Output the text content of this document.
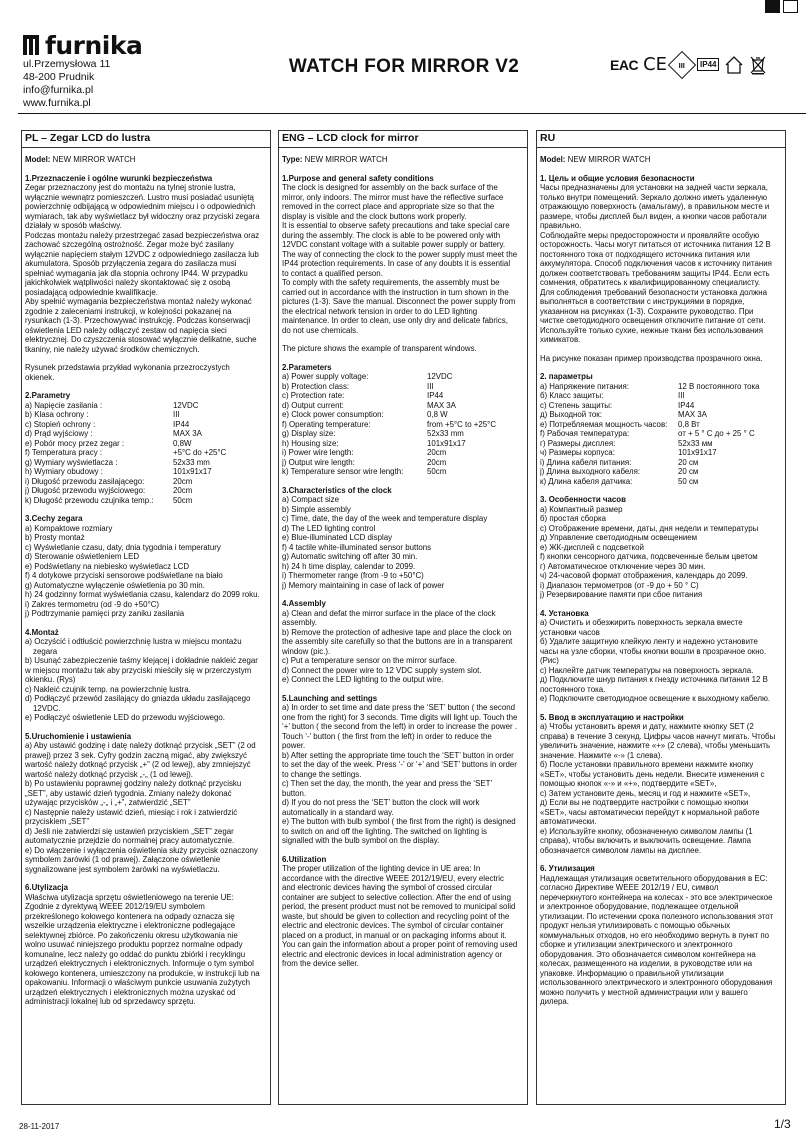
furnika
ul.Przemysłowa 11
48-200 Prudnik
info@furnika.pl
www.furnika.pl
WATCH FOR MIRROR V2	EAC CE III	IP44
PL – Zegar LCD do lustra
Model: NEW MIRROR WATCH
1.Przeznaczenie i ogólne wurunki bezpieczeństwa
Zegar przeznaczony jest do montażu na tylnej stronie lustra,
wyłącznie wewnątrz pomieszczeń. Lustro musi posiadać usuniętą
powierzchnię odbijającą w odpowiednim miejscu i o odpowiednich
wymiarach, tak aby wyświetlacz był widoczny oraz przyciski zegara
działały w sposób właściwy.
Podczas montażu należy przestrzegać zasad bezpieczeństwa oraz
zachować szczególną ostrożność. Zegar może być zasilany
wyłącznie napięciem stałym 12VDC z odpowiedniego zasilacza lub
akumulatora. Sposób przyłączenia zegara do zasilacza musi
spełniać wymagania jak dla stopnia ochrony IP44. W przypadku
jakichkolwiek wątpliwości należy skontaktować się z osobą
posiadającą odpowiednie kwalifikacje.
Aby spełnić wymagania bezpieczeństwa montaż należy wykonać
zgodnie z zaleceniami instrukcji, w kolejności pokazanej na
rysunkach (1-3). Przechowywać instrukcję. Podczas konserwacji
oświetlenia LED należy odłączyć zestaw od napięcia sieci
elektrycznej. Do czyszczenia stosować wyłącznie delikatne, suche
tkaniny, nie należy używać środków chemicznych.
Rysunek przedstawia przykład wykonania przezroczystych
okienek.
2.Parametry
a) Napięcie zasilania :	12VDC
b) Klasa ochrony :	III
c) Stopień ochrony :	IP44
d) Prąd wyjściowy :	MAX 3A
e) Pobór mocy przez zegar :	0,8W
f) Temperatura pracy :	+5°C do +25°C
g) Wymiary wyświetlacza :	52x33 mm
h) Wymiary obudowy :	101x91x17
i) Długość przewodu zasilającego:	20cm
j) Długość przewodu wyjściowego:	20cm
k) Długość przewodu czujnika temp.:	50cm
3.Cechy zegara
a) Kompaktowe rozmiary
b) Prosty montaż
c) Wyświetlanie czasu, daty, dnia tygodnia i temperatury
d) Sterowanie oświetleniem LED
e) Podświetlany na niebiesko wyświetlacz LCD
f) 4 dotykowe przyciski sensorowe podświetlane na biało
g) Automatyczne wyłączenie oświetlenia po 30 min.
h) 24 godzinny format wyświetlania czasu, kalendarz do 2099 roku.
i) Zakres termometru (od -9 do +50°C)
j) Podtrzymanie pamięci przy zaniku zasilania
4.Montaż
a) Oczyścić i odtłuścić powierzchnię lustra w miejscu montażu
zegara
b) Usunąć zabezpieczenie taśmy klejącej i dokładnie nakleić zegar
w miejscu montażu tak aby przyciski mieściły się w przerczystym
okienku. (Rys)
c) Nakleić czujnik temp. na powierzchnię lustra.
d) Podłączyć przewód zasilający do gniazda układu zasilającego
12VDC.
e) Podłączyć oświetlenie LED do przewodu wyjściowego.
5.Uruchomienie i ustawienia
a) Aby ustawić godzinę i datę należy dotknąć przycisk „SET” (2 od
prawej) przez 3 sek. Cyfry godzin zaczną migać, aby zwiększyć
wartość należy dotknąć przycisk „+” (2 od lewej), aby zmniejszyć
wartość należy dotknąć przycisk „-„ (1 od lewej).
b) Po ustawieniu poprawnej godziny należy dotknąć przycisku
„SET”, aby ustawić dzień tygodnia. Zmiany należy dokonać
używając przycisków „-„ i „+”, zatwierdzić „SET”
c) Następnie należy ustawić dzień, miesiąc i rok i zatwierdzić
przyciskiem „SET”
d) Jeśli nie zatwierdzi się ustawień przyciskiem „SET” zegar
automatycznie przejdzie do normalnej pracy automatycznie.
e) Do włączenie i wyłączenia oświetlenia służy przycisk oznaczony
symbolem żarówki (1 od prawej). Załączone oświetlenie
sygnalizowane jest symbolem żarówki na wyświetlaczu.
6.Utylizacja
Właściwa utylizacja sprzętu oświetleniowego na terenie UE:
Zgodnie z dyrektywą WEEE 2012/19/EU symbolem
przekreślonego kołowego kontenera na odpady oznacza się
wszelkie urządzenia elektryczne i elektroniczne podlegające
selektywnej zbiórce. Po zakończeniu okresu użytkowania nie
wolno usuwać niniejszego produktu poprzez normalne odpady
komunalne, lecz należy go oddać do punktu zbiórki i recyklingu
urządzeń elektrycznych i elektronicznych. Informuje o tym symbol
kołowego kontenera, umieszczony na produkcie, w instrukcji lub na
opakowaniu. Informacji o właściwym punkcie usuwania zużytych
urządzeń elektrycznych i elektronicznych można uzyskać od
administracji lokalnej lub od sprzedawcy sprzętu.
ENG – LCD clock for mirror
Type: NEW MIRROR WATCH
1.Purpose and general safety conditions
The clock is designed for assembly on the back surface of the
mirror, only indoors. The mirror must have the reflective surface
removed in the correct place and appropriate size so that the
display is visible and the clock buttons work properly.
It is essential to observe safety precautions and take special care
during the assembly. The clock is able to be powered only with
12VDC constant voltage with a suitable power supply or battery.
The way of connecting the clock to the power supply must meet the
IP44 protection requirements. In case of any doubts it is essential
to contact a qualified person.
To comply with the safety requirements, the assembly must be
carried out in accordance with the instruction in turn shown in the
pictures (1-3). Save the manual. Disconnect the power supply from
the electrical network tension in order to do LED lighting
maintenance. In order to clean, use only dry and delicate fabrics,
do not use chemicals.
The picture shows the example of transparent windows.
2.Parameters
a) Power supply voltage:	12VDC
b) Protection class:	III
c) Protection rate:	IP44
d) Output current:	MAX 3A
e) Clock power consumption:	0,8 W
f) Operating temperature:	from +5°C to +25°C
g) Display size:	52x33 mm
h) Housing size:	101x91x17
i) Power wire length:	20cm
j) Output wire length:	20cm
k) Temperature sensor wire length:	50cm
3.Characteristics of the clock
a) Compact size
b) Simple assembly
c) Time, date, the day of the week and temperature display
d) The LED lighting control
e) Blue-illuminated LCD display
f) 4 tactile white-illuminated sensor buttons
g) Automatic switching off after 30 min.
h) 24 h time display, calendar to 2099.
i) Thermometer range (from -9 to +50°C)
j) Memory maintaining in case of lack of power
4.Assembly
a) Clean and defat the mirror surface in the place of the clock
assembly.
b) Remove the protection of adhesive tape and place the clock on
the assembly site carefully so that the buttons are in a transparent
window (pic.).
c) Put a temperature sensor on the mirror surface.
d) Connect the power wire to 12 VDC supply system slot.
e) Connect the LED lighting to the output wire.
5.Launching and settings
a) In order to set time and date press the ‘SET’ button ( the second
one from the right) for 3 seconds. Time digits will light up. Touch the
‘+’ button ( the second from the left) in order to increase the power .
Touch ‘-’ button ( the first from the left) in order to reduce the
power.
b) After setting the appropriate time touch the ‘SET’ button in order
to set the day of the week. Press ‘-’ or ‘+’ and ‘SET’ buttons in order
to change the settings.
c) Then set the day, the month, the year and press the ‘SET’
button.
d) If you do not press the ‘SET’ button the clock will work
automatically in a standard way.
e) The button with bulb symbol ( the first from the right) is designed
to switch on and off the lighting. The switched on lighting is
signalled with the bulb symbol on the display.
6.Utilization
The proper utilization of the lighting device in UE area: In
accordance with the directive WEEE 2012/19/EU, every electric
and electronic devices having the symbol of crossed circular
container are subject to selective collection. After the end of using
period, the present product must not be removed to municipal solid
waste, but should be given to collection and recycling point of the
electric and electronic devices. The symbol of circular container
placed on a product, in manual or on packaging informs about it.
You can gain the information about a proper point of removing used
electric and electronic devices in local administration agency or
from the device seller.
RU
Model: NEW MIRROR WATCH
1. Цель и общие условия безопасности
Часы предназначены для установки на задней части зеркала,
только внутри помещений. Зеркало должно иметь удаленную
отражающую поверхность (амальгаму), в правильном месте и
размере, чтобы дисплей был виден, а кнопки часов работали
правильно.
Соблюдайте меры предосторожности и проявляйте особую
осторожность. Часы могут питаться от источника питания 12 В
постоянного тока от подходящего источника питания или
аккумулятора. Способ подключения часов к источнику питания
должен соответствовать требованиям защиты IP44. Если есть
сомнения, обратитесь к квалифицированному специалисту.
Для соблюдения требований безопасности установка должна
выполняться в соответствии с инструкциями в порядке,
указанном на рисунках (1-3). Сохраните руководство. При
чистке светодиодного освещения отключите питание от сети.
Используйте только сухие, нежные ткани без использования
химикатов.
На рисунке показан пример производства прозрачного окна.
2. параметры
а) Напряжение питания:	12 В постоянного тока
б) Класс защиты:	III
с) Степень защиты:	IP44
д) Выходной ток:	MAX 3A
е) Потребляемая мощность часов:	0,8 Вт
f) Рабочая температура:	от + 5 ° C до + 25 ° C
г) Размеры дисплея:	52x33 мм
ч) Размеры корпуса:	101x91x17
i) Длина кабеля питания:	20 см
j) Длина выходного кабеля:	20 см
к) Длина кабеля датчика:	50 см
3. Особенности часов
а) Компактный размер
б) простая сборка
с) Отображение времени, даты, дня недели и температуры
д) Управление светодиодным освещением
е) ЖК-дисплей с подсветкой
f) кнопки сенсорного датчика, подсвеченные белым цветом
г) Автоматическое отключение через 30 мин.
ч) 24-часовой формат отображения, календарь до 2099.
i) Диапазон термометров (от -9 до + 50 ° C)
j) Резервирование памяти при сбое питания
4. Установка
а) Очистить и обезжирить поверхность зеркала вместе
установки часов
б) Удалите защитную клейкую ленту и надежно установите
часы на узле сборки, чтобы кнопки вошли в прозрачное окно.
(Рис)
с) Наклейте датчик температуры на поверхность зеркала.
д) Подключите шнур питания к гнезду источника питания 12 В
постоянного тока.
е) Подключите светодиодное освещение к выходному кабелю.
5. Ввод в эксплуатацию и настройки
а) Чтобы установить время и дату, нажмите кнопку SET (2
справа) в течение 3 секунд. Цифры часов начнут мигать. Чтобы
увеличить значение, нажмите «+» (2 слева), чтобы уменьшить
значение. Нажмите «-» (1 слева).
б) После установки правильного времени нажмите кнопку
«SET», чтобы установить день недели. Внесите изменения с
помощью кнопок «-» и «+», подтвердите «SET»,
с) Затем установите день, месяц и год и нажмите «SET»,
д) Если вы не подтвердите настройки с помощью кнопки
«SET», часы автоматически перейдут к нормальной работе
автоматически.
е) Используйте кнопку, обозначенную символом лампы (1
справа), чтобы включить и выключить освещение. Лампа
обозначается символом лампы на дисплее.
6. Утилизация
Надлежащая утилизация осветительного оборудования в ЕС:
согласно Директиве WEEE 2012/19 / EU, символ
перечеркнутого контейнера на колесах - это все электрическое
и электронное оборудование, подлежащее отдельной
утилизации. По истечении срока полезного использования этот
продукт нельзя утилизировать с помощью обычных
коммунальных отходов, но его необходимо вернуть в пункт по
сборке и утилизации электрического и электронного
оборудования. Это обозначается символом контейнера на
колесах, размещенного на изделии, в руководстве или на
упаковке. Информацию о правильной утилизации
использованного электрического и электронного оборудования
можно получить у местной администрации или у вашего
дилера.
28-11-2017	1/3
